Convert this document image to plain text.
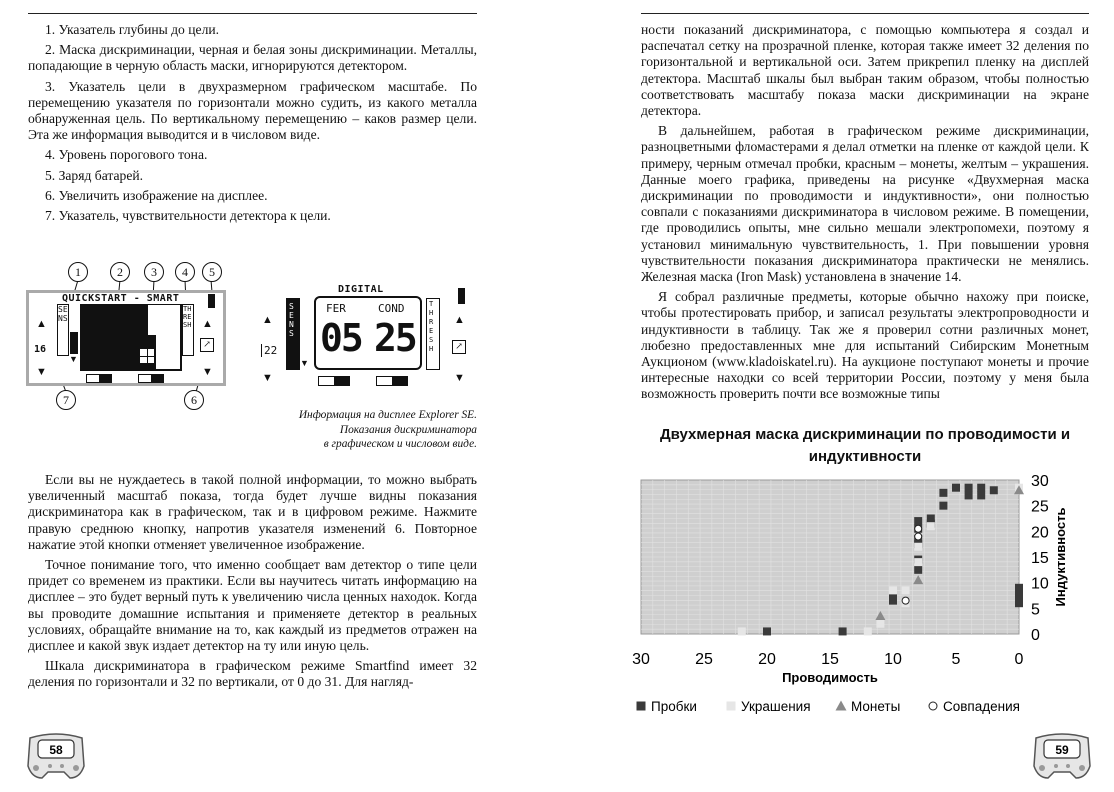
1. Указатель глубины до цели.

2. Маска дискриминации, черная и белая зоны дискриминации. Металлы, попадающие в черную область маски, игнорируются детектором.

3. Указатель цели в двухразмерном графическом масштабе. По перемещению указателя по горизонтали можно судить, из какого металла обнаруженная цель. По вертикальному перемещению – каков размер цели. Эта же информация выводится и в числовом виде.

4. Уровень порогового тона.

5. Заряд батарей.

6. Увеличить изображение на дисплее.

7. Указатель, чувствительности детектора к цели.

1	2	3	4	5
6
7
QUICKSTART - SMART
SENS
▼
THRESH ▲
↗
▼
▲
16
▼
DIGITAL
▲
22
▼
SENS
▼
FER	COND
05 25
THRESH
▲
↗
▼
Информация на дисплее Explorer SE.
Показания дискриминатора
в графическом и числовом виде.

Если вы не нуждаетесь в такой полной информации, то можно выбрать увеличенный масштаб показа, тогда будет лучше видны показания дискриминатора как в графическом, так и в цифровом режиме. Нажмите правую среднюю кнопку, напротив указателя изменений 6. Повторное нажатие этой кнопки отменяет увеличенное изображение.

Точное понимание того, что именно сообщает вам детектор о типе цели придет со временем из практики. Если вы научитесь читать информацию на дисплее – это будет верный путь к увеличению числа ценных находок. Когда вы проводите домашние испытания и применяете детектор в реальных условиях, обращайте внимание на то, как каждый из предметов отражен на дисплее и какой звук издает детектор на ту или иную цель.

Шкала дискриминатора в графическом режиме Smartfind имеет 32 деления по горизонтали и 32 по вертикали, от 0 до 31. Для нагляд-

58

ности показаний дискриминатора, с помощью компьютера я создал и распечатал сетку на прозрачной пленке, которая также имеет 32 деления по горизонтальной и вертикальной оси. Затем прикрепил пленку на дисплей детектора. Масштаб шкалы был выбран таким образом, чтобы полностью соответствовать масштабу показа маски дискриминации на экране детектора.

В дальнейшем, работая в графическом режиме дискриминации, разноцветными фломастерами я делал отметки на пленке от каждой цели. К примеру, черным отмечал пробки, красным – монеты, желтым – украшения. Данные моего графика, приведены на рисунке «Двухмерная маска дискриминации по проводимости и индуктивности», они полностью совпали с показаниями дискриминатора в числовом режиме. В помещении, где проводились опыты, мне сильно мешали электропомехи, поэтому я установил минимальную чувствительность, 1. При повышении уровня чувствительности показания дискриминатора практически не менялись. Железная маска (Iron Mask) установлена в значение 14.

Я собрал различные предметы, которые обычно нахожу при поиске, чтобы протестировать прибор, и записал результаты электропроводности и индуктивности в таблицу. Так же я проверил сотни различных монет, любезно предоставленных мне для испытаний Сибирским Монетным Аукционом (www.kladoiskatel.ru). На аукционе поступают монеты и прочие интересные находки со всей территории России, поэтому у меня была возможность проверить почти все возможные типы

Двухмерная маска дискриминации по проводимости и индуктивности
30	25	20	15	10	5	0
0
5
10
15
20
25
30
Проводимость
Индуктивность
Пробки	Украшения	Монеты	Совпадения
59
